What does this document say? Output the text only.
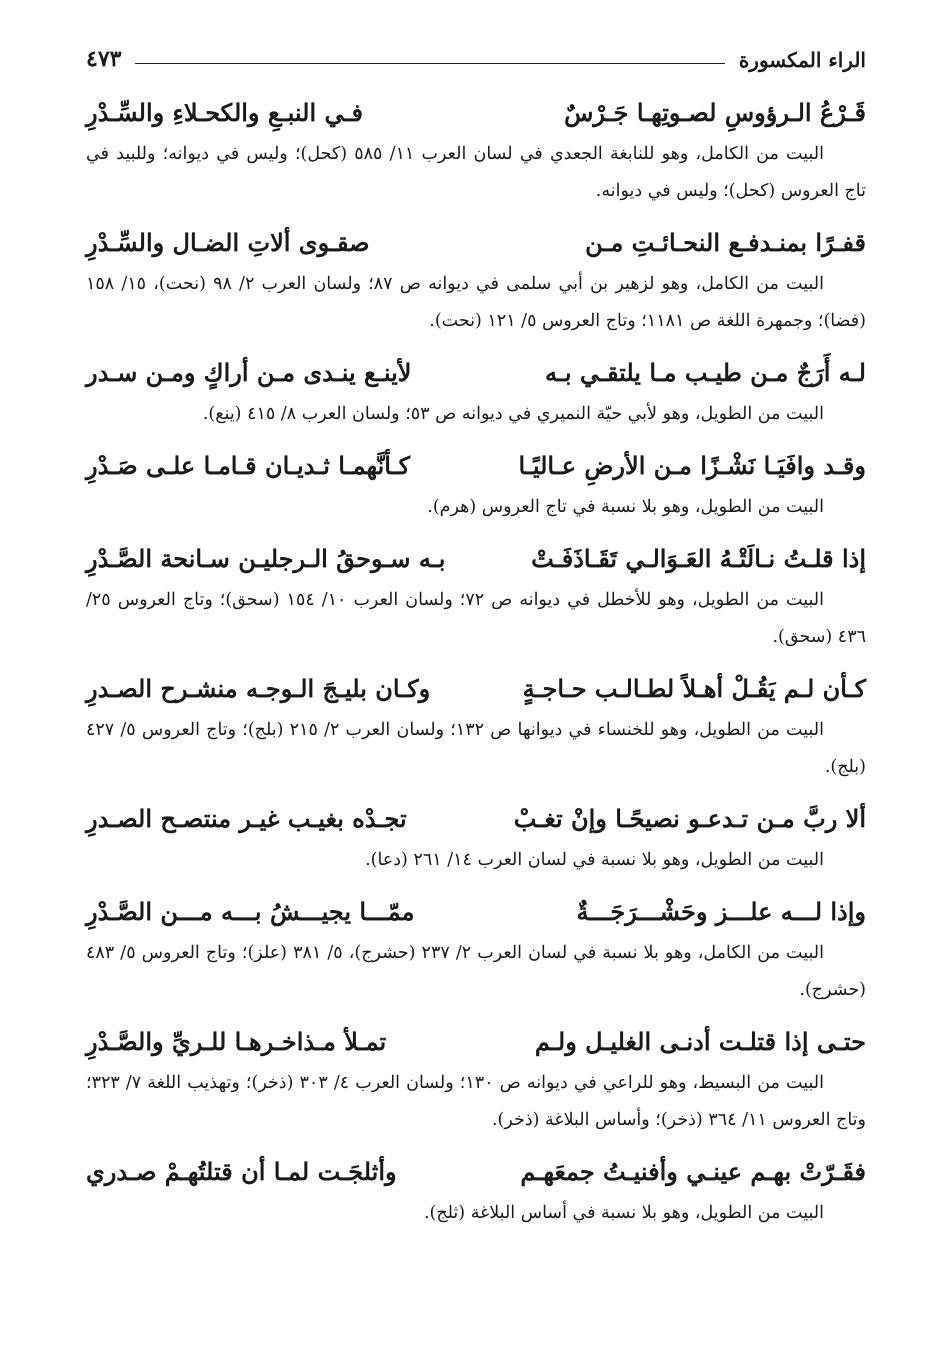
الراء المكسورة
٤٧٣
قَـرْعُ الـرؤوسِ لصـوتِهـا جَـرْسٌ
فـي النبـعِ والكحـلاءِ والسِّـدْرِ
البيت من الكامل، وهو للنابغة الجعدي في لسان العرب ١١/ ٥٨٥ (كحل)؛ وليس في ديوانه؛ وللبيد في تاج العروس (كحل)؛ وليس في ديوانه.
قفـرًا بمنـدفـع النحـائـتِ مـن
صقـوى ألاتِ الضـال والسِّـدْرِ
البيت من الكامل، وهو لزهير بن أبي سلمى في ديوانه ص ٨٧؛ ولسان العرب ٢/ ٩٨ (نحت)، ١٥/ ١٥٨ (فضا)؛ وجمهرة اللغة ص ١١٨١؛ وتاج العروس ٥/ ١٢١ (نحت).
لـه أَرَجٌ مـن طيـب مـا يلتقـي بـه
لأينـع ينـدى مـن أراكٍ ومـن سـدر
البيت من الطويل، وهو لأبي حيّة النميري في ديوانه ص ٥٣؛ ولسان العرب ٨/ ٤١٥ (ينع).
وقـد وافَيَـا نَشْـزًا مـن الأرضِ عـاليًـا
كـأنَّهمـا ثـديـان قـامـا علـى صَـدْرِ
البيت من الطويل، وهو بلا نسبة في تاج العروس (هرم).
إذا قلـتُ نـالَتْـهُ العَـوَالـي تَقَـاذَفَـتْ
بـه سـوحقُ الـرجليـن سـانحة الصَّـدْرِ
البيت من الطويل، وهو للأخطل في ديوانه ص ٧٢؛ ولسان العرب ١٠/ ١٥٤ (سحق)؛ وتاج العروس ٢٥/ ٤٣٦ (سحق).
كـأن لـم يَقُـلْ أهـلاً لطـالـب حـاجـةٍ
وكـان بليـجَ الـوجـه منشـرح الصـدرِ
البيت من الطويل، وهو للخنساء في ديوانها ص ١٣٢؛ ولسان العرب ٢/ ٢١٥ (بلج)؛ وتاج العروس ٥/ ٤٢٧ (بلج).
ألا ربَّ مـن تـدعـو نصيحًـا وإنْ تغـبْ
تجـدْه بغيـب غيـر منتصـح الصـدرِ
البيت من الطويل، وهو بلا نسبة في لسان العرب ١٤/ ٢٦١ (دعا).
وإذا لـــه علـــز وحَشْـــرَجَـــةٌ
ممّـــا يجيـــشُ بـــه مـــن الصَّـدْرِ
البيت من الكامل، وهو بلا نسبة في لسان العرب ٢/ ٢٣٧ (حشرج)، ٥/ ٣٨١ (علز)؛ وتاج العروس ٥/ ٤٨٣ (حشرج).
حتـى إذا قتلـت أدنـى الغليـل ولـم
تمـلأ مـذاخـرهـا للـريِّ والصَّـدْرِ
البيت من البسيط، وهو للراعي في ديوانه ص ١٣٠؛ ولسان العرب ٤/ ٣٠٣ (ذخر)؛ وتهذيب اللغة ٧/ ٣٢٣؛ وتاج العروس ١١/ ٣٦٤ (ذخر)؛ وأساس البلاغة (ذخر).
فقَـرّتْ بهـم عينـي وأفنيـتُ جمعَهـم
وأثلجَـت لمـا أن قتلتُهـمْ صـدري
البيت من الطويل، وهو بلا نسبة في أساس البلاغة (ثلج).
